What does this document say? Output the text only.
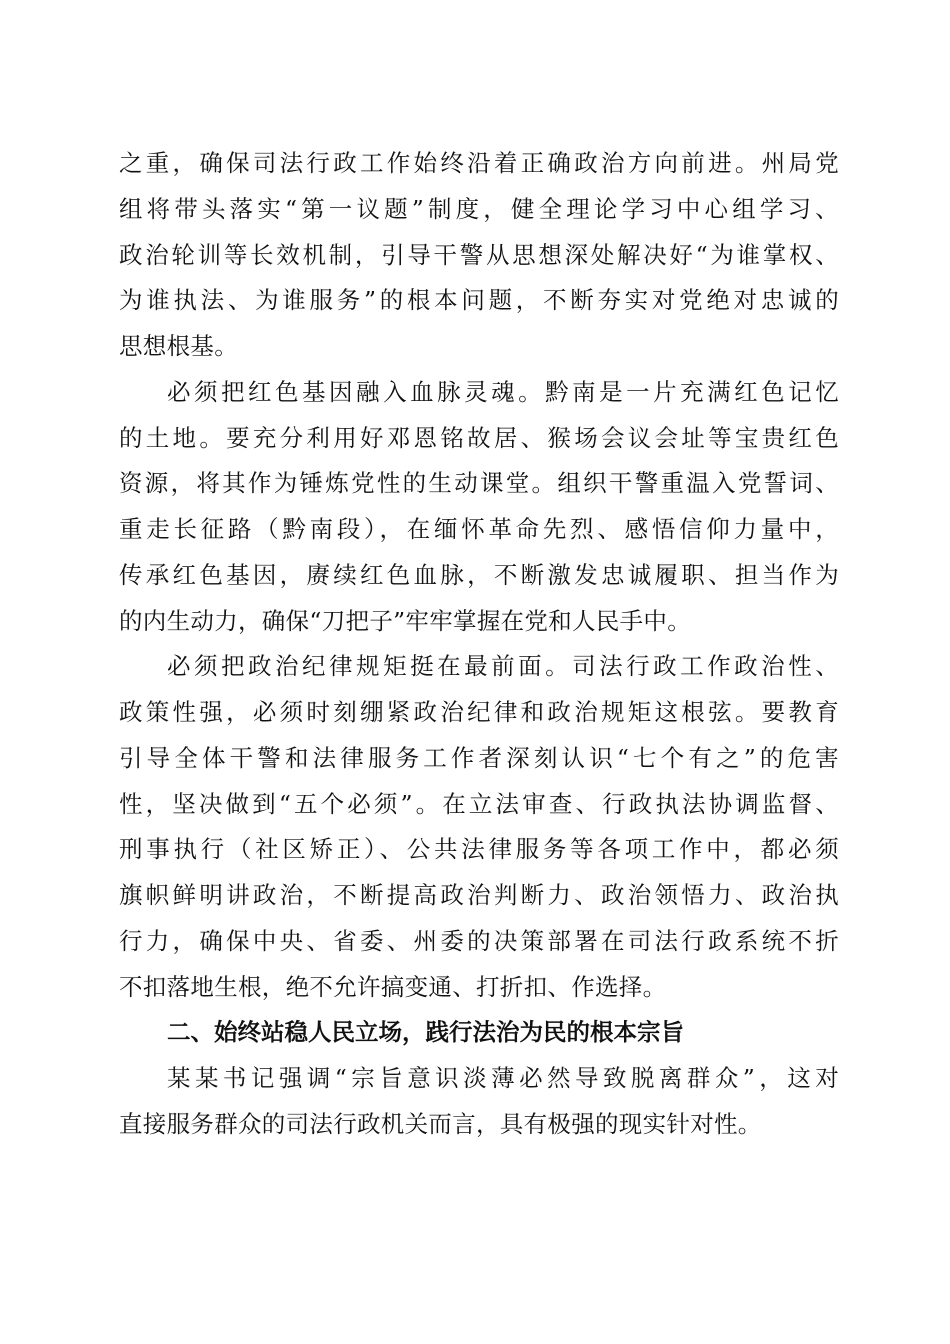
之重，确保司法行政工作始终沿着正确政治方向前进。州局党
组将带头落实“第一议题”制度，健全理论学习中心组学习、
政治轮训等长效机制，引导干警从思想深处解决好“为谁掌权、
为谁执法、为谁服务”的根本问题，不断夯实对党绝对忠诚的
思想根基。
必须把红色基因融入血脉灵魂。黔南是一片充满红色记忆
的土地。要充分利用好邓恩铭故居、猴场会议会址等宝贵红色
资源，将其作为锤炼党性的生动课堂。组织干警重温入党誓词、
重走长征路（黔南段），在缅怀革命先烈、感悟信仰力量中，
传承红色基因，赓续红色血脉，不断激发忠诚履职、担当作为
的内生动力，确保“刀把子”牢牢掌握在党和人民手中。
必须把政治纪律规矩挺在最前面。司法行政工作政治性、
政策性强，必须时刻绷紧政治纪律和政治规矩这根弦。要教育
引导全体干警和法律服务工作者深刻认识“七个有之”的危害
性，坚决做到“五个必须”。在立法审查、行政执法协调监督、
刑事执行（社区矫正）、公共法律服务等各项工作中，都必须
旗帜鲜明讲政治，不断提高政治判断力、政治领悟力、政治执
行力，确保中央、省委、州委的决策部署在司法行政系统不折
不扣落地生根，绝不允许搞变通、打折扣、作选择。
二、始终站稳人民立场，践行法治为民的根本宗旨
某某书记强调“宗旨意识淡薄必然导致脱离群众”，这对
直接服务群众的司法行政机关而言，具有极强的现实针对性。
